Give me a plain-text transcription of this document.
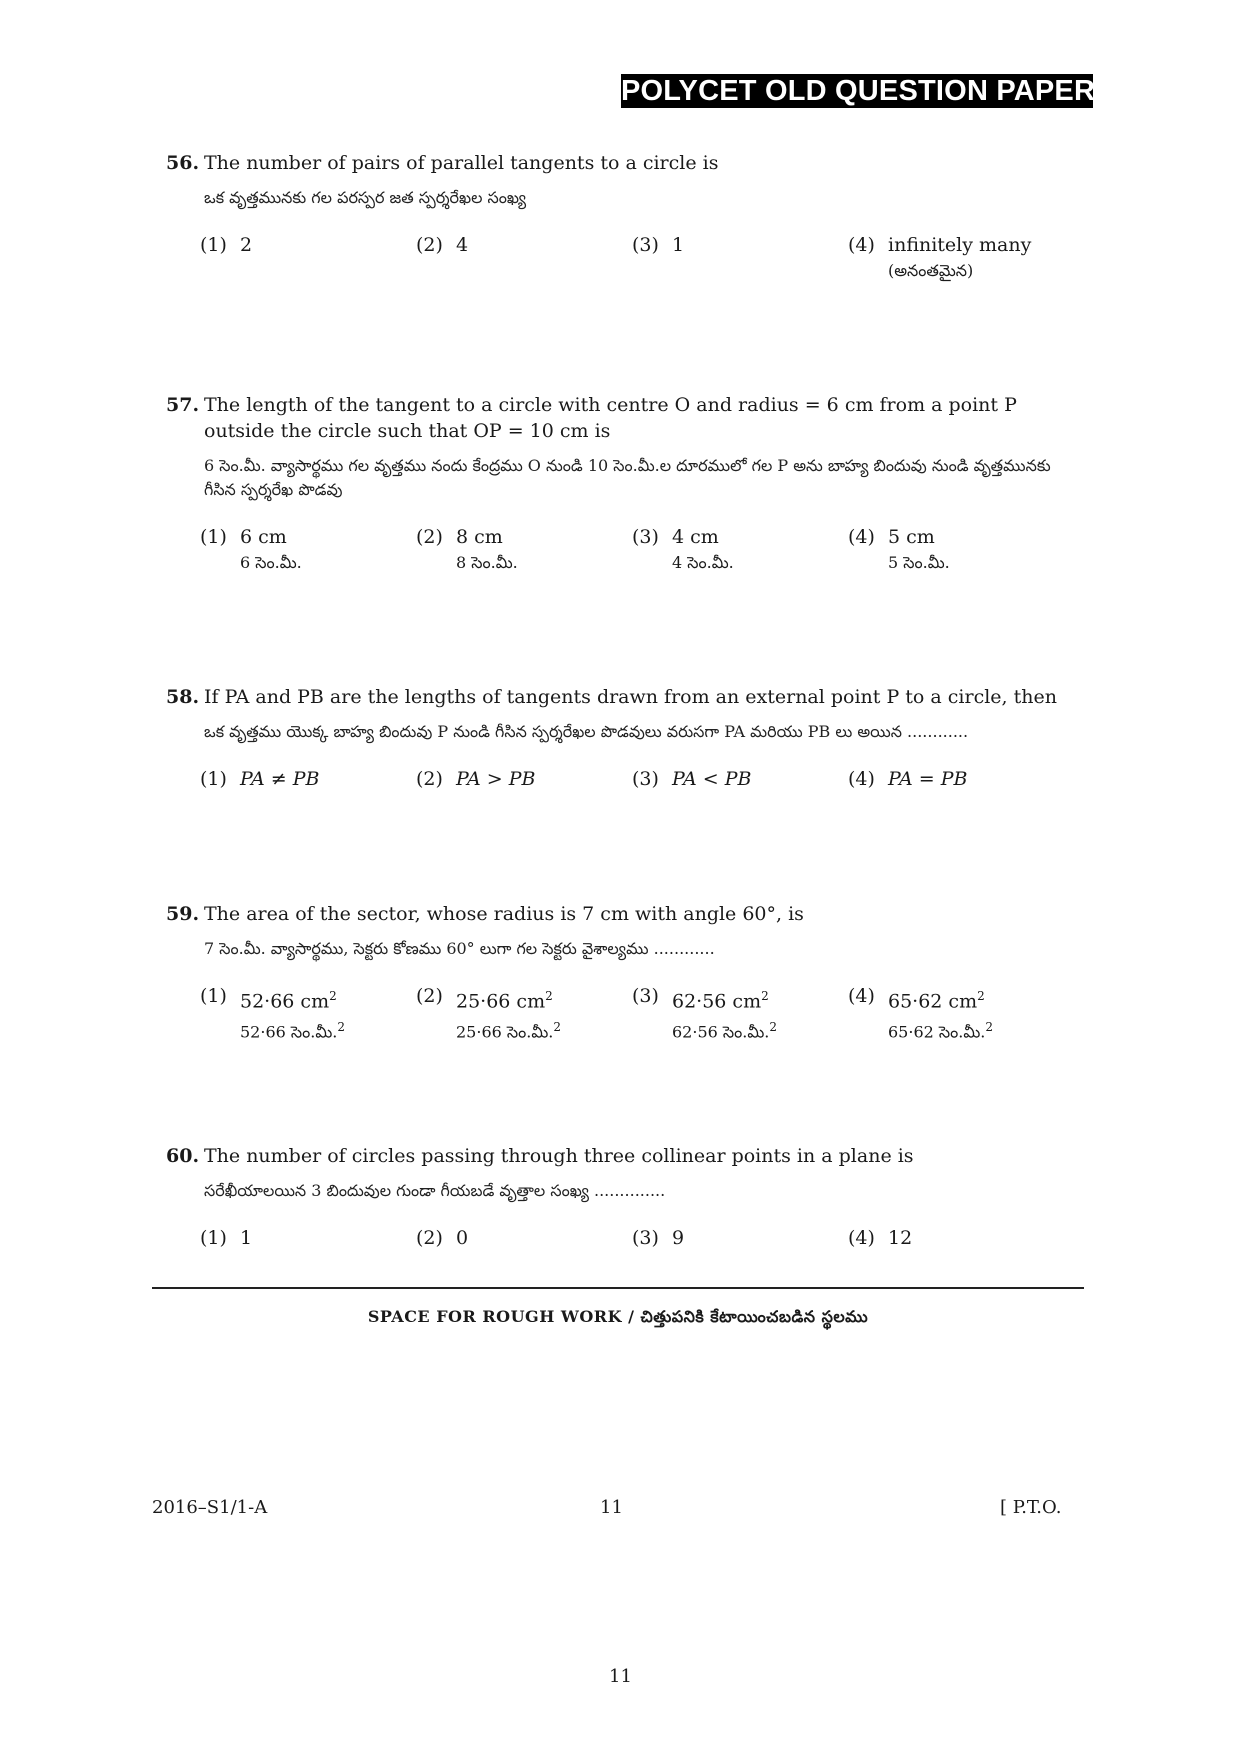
POLYCET OLD QUESTION PAPER
56. The number of pairs of parallel tangents to a circle is
ఒక వృత్తమునకు గల పరస్పర జత స్పర్శరేఖల సంఖ్య
(1) 2	(2) 4	(3) 1	(4) infinitely many
(అనంతమైన)
57. The length of the tangent to a circle with centre O and radius = 6 cm from a point P outside the circle such that OP = 10 cm is
6 సెం.మీ. వ్యాసార్థము గల వృత్తము నందు కేంద్రము O నుండి 10 సెం.మీ.ల దూరములో గల P అను బాహ్య బిందువు నుండి వృత్తమునకు గీసిన స్పర్శరేఖ పొడవు
(1) 6 cm
6 సెం.మీ.
(2) 8 cm
8 సెం.మీ.
(3) 4 cm
4 సెం.మీ.
(4) 5 cm
5 సెం.మీ.
58. If PA and PB are the lengths of tangents drawn from an external point P to a circle, then
ఒక వృత్తము యొక్క బాహ్య బిందువు P నుండి గీసిన స్పర్శరేఖల పొడవులు వరుసగా PA మరియు PB లు అయిన ............
(1) PA ≠ PB	(2) PA > PB	(3) PA < PB	(4) PA = PB
59. The area of the sector, whose radius is 7 cm with angle 60°, is
7 సెం.మీ. వ్యాసార్థము, సెక్టరు కోణము 60° లుగా గల సెక్టరు వైశాల్యము ............
(1) 52·66 $cm^2$
52·66 సెం.మీ.$^2$
(2) 25·66 $cm^2$
25·66 సెం.మీ.$^2$
(3) 62·56 $cm^2$
62·56 సెం.మీ.$^2$
(4) 65·62 $cm^2$
65·62 సెం.మీ.$^2$
60. The number of circles passing through three collinear points in a plane is
సరేఖీయాలయిన 3 బిందువుల గుండా గీయబడే వృత్తాల సంఖ్య ..............
(1) 1	(2) 0	(3) 9	(4) 12
SPACE FOR ROUGH WORK / చిత్తుపనికి కేటాయించబడిన స్థలము
2016–S1/1-A	11	[ P.T.O.
11
